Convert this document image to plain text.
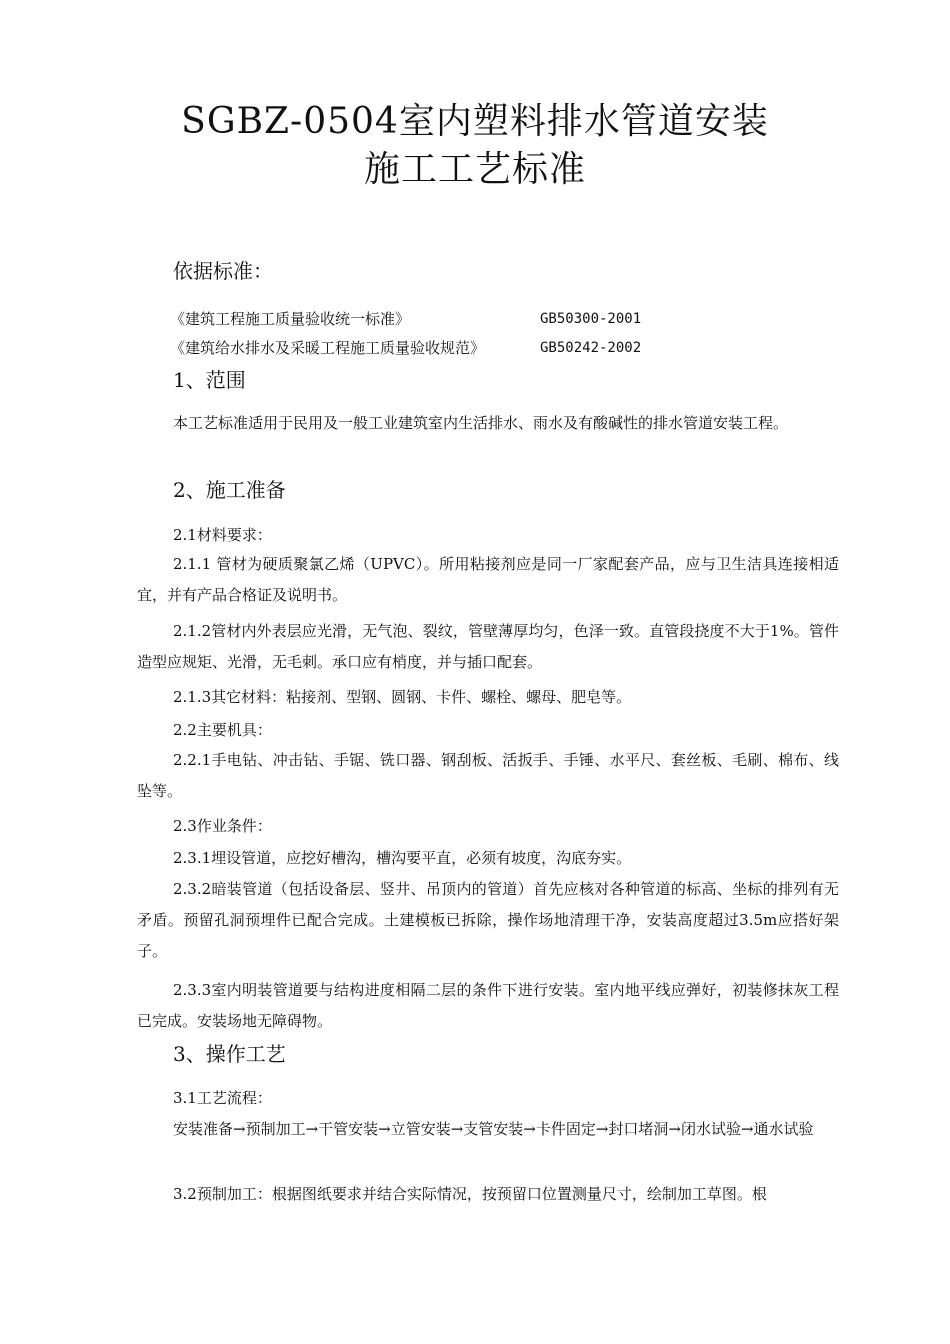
SGBZ-0504室内塑料排水管道安装
施工工艺标准
依据标准：
《建筑工程施工质量验收统一标准》	GB50300-2001
《建筑给水排水及采暖工程施工质量验收规范》	GB50242-2002
1、范围
本工艺标准适用于民用及一般工业建筑室内生活排水、雨水及有酸碱性的排水管道安装工程。
2、施工准备
2.1材料要求：
2.1.1 管材为硬质聚氯乙烯（UPVC）。所用粘接剂应是同一厂家配套产品，应与卫生洁具连接相适宜，并有产品合格证及说明书。
2.1.2管材内外表层应光滑，无气泡、裂纹，管壁薄厚均匀，色泽一致。直管段挠度不大于1%。管件造型应规矩、光滑，无毛刺。承口应有梢度，并与插口配套。
2.1.3其它材料：粘接剂、型钢、圆钢、卡件、螺栓、螺母、肥皂等。
2.2主要机具：
2.2.1手电钻、冲击钻、手锯、铣口器、钢刮板、活扳手、手锤、水平尺、套丝板、毛刷、棉布、线坠等。
2.3作业条件：
2.3.1埋设管道，应挖好槽沟，槽沟要平直，必须有坡度，沟底夯实。
2.3.2暗装管道（包括设备层、竖井、吊顶内的管道）首先应核对各种管道的标高、坐标的排列有无矛盾。预留孔洞预埋件已配合完成。土建模板已拆除，操作场地清理干净，安装高度超过3.5m应搭好架子。
2.3.3室内明装管道要与结构进度相隔二层的条件下进行安装。室内地平线应弹好，初装修抹灰工程已完成。安装场地无障碍物。
3、操作工艺
3.1工艺流程：
安装准备→预制加工→干管安装→立管安装→支管安装→卡件固定→封口堵洞→闭水试验→通水试验
3.2预制加工：根据图纸要求并结合实际情况，按预留口位置测量尺寸，绘制加工草图。根
